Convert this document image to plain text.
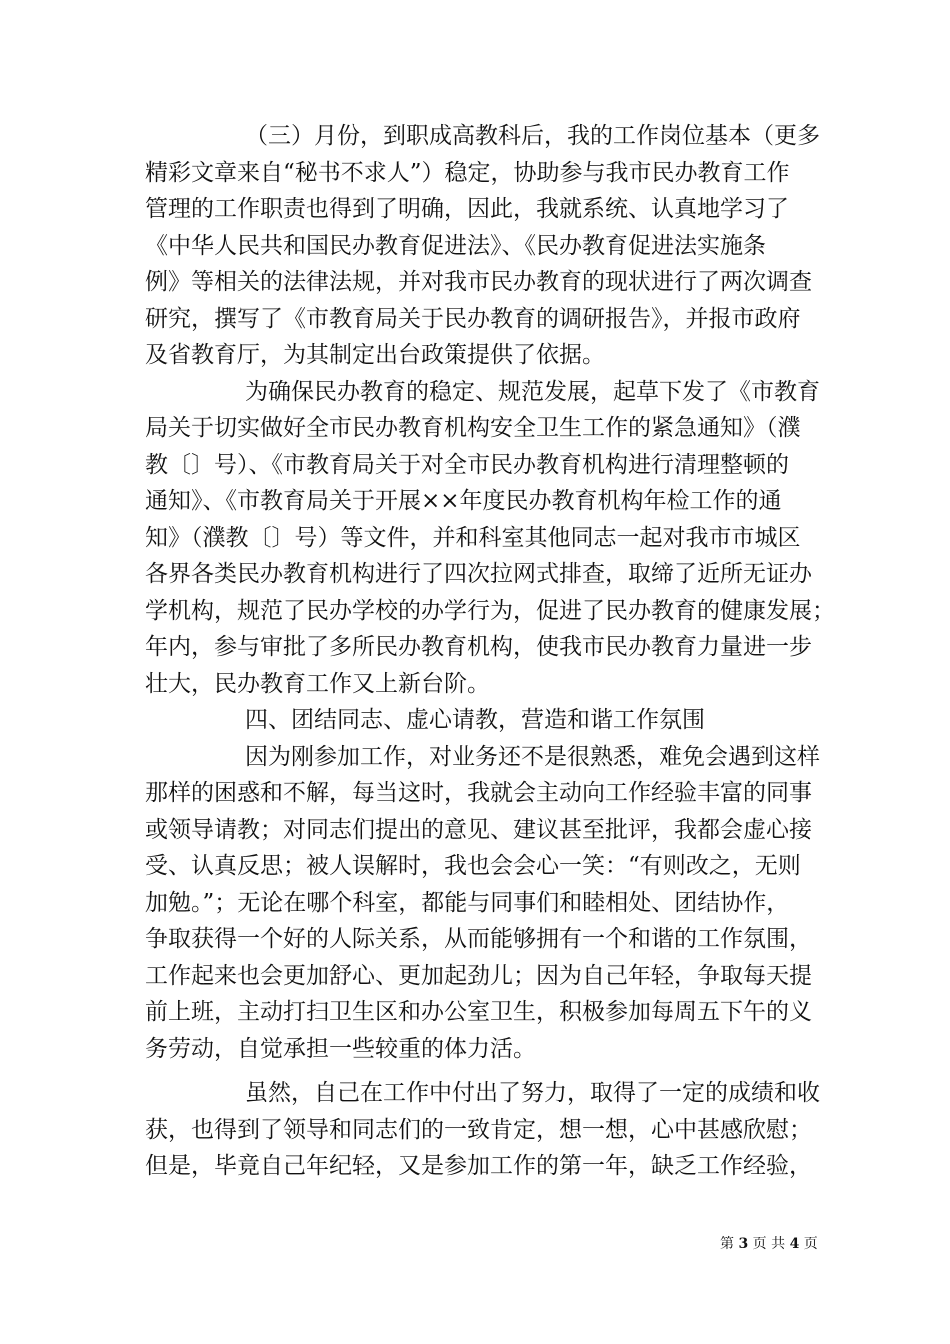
（三）月份，到职成高教科后，我的工作岗位基本（更多

精彩文章来自“秘书不求人”）稳定，协助参与我市民办教育工作
管理的工作职责也得到了明确，因此，我就系统、认真地学习了
《中华人民共和国民办教育促进法》、《民办教育促进法实施条
例》等相关的法律法规，并对我市民办教育的现状进行了两次调查
研究，撰写了《市教育局关于民办教育的调研报告》，并报市政府
及省教育厅，为其制定出台政策提供了依据。

为确保民办教育的稳定、规范发展，起草下发了《市教育

局关于切实做好全市民办教育机构安全卫生工作的紧急通知》（濮
教〔〕号）、《市教育局关于对全市民办教育机构进行清理整顿的
通知》、《市教育局关于开展××年度民办教育机构年检工作的通
知》（濮教〔〕号）等文件，并和科室其他同志一起对我市市城区
各界各类民办教育机构进行了四次拉网式排查，取缔了近所无证办
学机构，规范了民办学校的办学行为，促进了民办教育的健康发展；
年内，参与审批了多所民办教育机构，使我市民办教育力量进一步
壮大，民办教育工作又上新台阶。

四、团结同志、虚心请教，营造和谐工作氛围

因为刚参加工作，对业务还不是很熟悉，难免会遇到这样

那样的困惑和不解，每当这时，我就会主动向工作经验丰富的同事
或领导请教；对同志们提出的意见、建议甚至批评，我都会虚心接
受、认真反思；被人误解时，我也会会心一笑：“有则改之，无则
加勉。”；无论在哪个科室，都能与同事们和睦相处、团结协作，
争取获得一个好的人际关系，从而能够拥有一个和谐的工作氛围，
工作起来也会更加舒心、更加起劲儿；因为自己年轻，争取每天提
前上班，主动打扫卫生区和办公室卫生，积极参加每周五下午的义
务劳动，自觉承担一些较重的体力活。

虽然，自己在工作中付出了努力，取得了一定的成绩和收

获，也得到了领导和同志们的一致肯定，想一想，心中甚感欣慰；
但是，毕竟自己年纪轻，又是参加工作的第一年，缺乏工作经验，
第 3 页 共 4 页
